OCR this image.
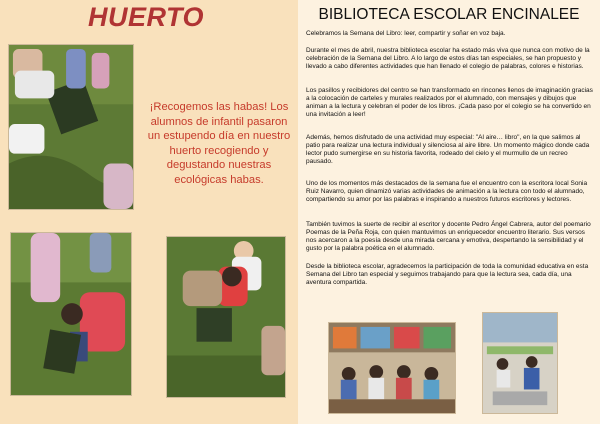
HUERTO
¡Recogemos las habas! Los alumnos de infantil pasaron un estupendo día en nuestro huerto recogiendo y degustando nuestras ecológicas habas.
BIBLIOTECA ESCOLAR ENCINALEE

Celebramos la Semana del Libro: leer, compartir y soñar en voz baja.

Durante el mes de abril, nuestra biblioteca escolar ha estado más viva que nunca con motivo de la celebración de la Semana del Libro. A lo largo de estos días tan especiales, se han propuesto y llevado a cabo diferentes actividades que han llenado el colegio de palabras, colores e historias.

Los pasillos y recibidores del centro se han transformado en rincones llenos de imaginación gracias a la colocación de carteles y murales realizados por el alumnado, con mensajes y dibujos que animan a la lectura y celebran el poder de los libros. ¡Cada paso por el colegio se ha convertido en una invitación a leer!

Además, hemos disfrutado de una actividad muy especial: "Al aire… libro", en la que salimos al patio para realizar una lectura individual y silenciosa al aire libre. Un momento mágico donde cada lector pudo sumergirse en su historia favorita, rodeado del cielo y el murmullo de un recreo pausado.

Uno de los momentos más destacados de la semana fue el encuentro con la escritora local Sonia Ruiz Navarro, quien dinamizó varias actividades de animación a la lectura con todo el alumnado, compartiendo su amor por las palabras e inspirando a nuestros futuros escritores y lectores.

También tuvimos la suerte de recibir al escritor y docente Pedro Ángel Cabrera, autor del poemario Poemas de la Peña Roja, con quien mantuvimos un enriquecedor encuentro literario. Sus versos nos acercaron a la poesía desde una mirada cercana y emotiva, despertando la sensibilidad y el gusto por la palabra poética en el alumnado.

Desde la biblioteca escolar, agradecemos la participación de toda la comunidad educativa en esta Semana del Libro tan especial y seguimos trabajando para que la lectura sea, cada día, una aventura compartida.
